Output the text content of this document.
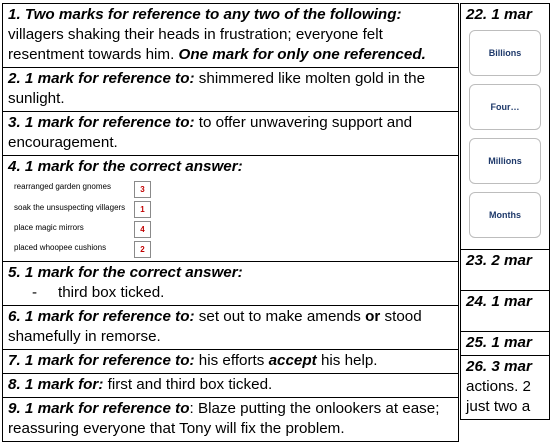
1. Two marks for reference to any two of the following: villagers shaking their heads in frustration; everyone felt resentment towards him. One mark for only one referenced.
2. 1 mark for reference to: shimmered like molten gold in the sunlight.
3. 1 mark for reference to: to offer unwavering support and encouragement.
4. 1 mark for the correct answer:
rearranged garden gnomes	3
soak the unsuspecting villagers	1
place magic mirrors	4
placed whoopee cushions	2

5. 1 mark for the correct answer:
- third box ticked.
6. 1 mark for reference to: set out to make amends or stood shamefully in remorse.
7. 1 mark for reference to: his efforts accept his help.
8. 1 mark for: first and third box ticked.
9. 1 mark for reference to: Blaze putting the onlookers at ease; reassuring everyone that Tony will fix the problem.
22. 1 mar
Billions
Four…
Millions
Months

23. 2 mar
24. 1 mar
25. 1 mar
26. 3 mar
actions. 2
just two a
